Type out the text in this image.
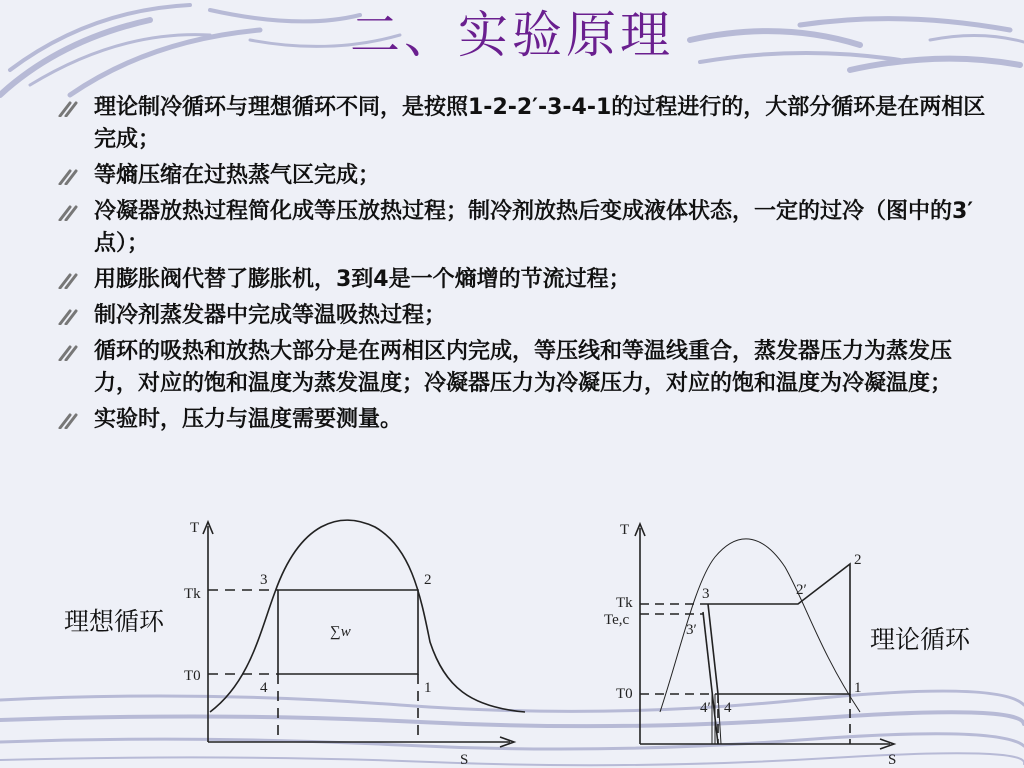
二、实验原理
理论制冷循环与理想循环不同，是按照1-2-2′-3-4-1的过程进行的，大部分循环是在两相区完成；
等熵压缩在过热蒸气区完成；
冷凝器放热过程简化成等压放热过程；制冷剂放热后变成液体状态，一定的过冷（图中的3′点）；
用膨胀阀代替了膨胀机，3到4是一个熵增的节流过程；
制冷剂蒸发器中完成等温吸热过程；
循环的吸热和放热大部分是在两相区内完成，等压线和等温线重合，蒸发器压力为蒸发压力，对应的饱和温度为蒸发温度；冷凝器压力为冷凝压力，对应的饱和温度为冷凝温度；
实验时，压力与温度需要测量。
理想循环
T
S
Tk
T0
3	2
4	1
∑w	理论循环
T
S
Tk
Te,c
T0
3
3′
2′
2
1
4′ 4
